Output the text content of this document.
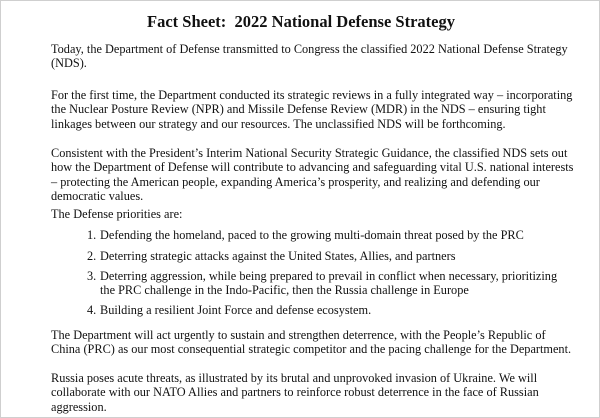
Fact Sheet:  2022 National Defense Strategy

Today, the Department of Defense transmitted to Congress the classified 2022 National Defense Strategy
(NDS).

For the first time, the Department conducted its strategic reviews in a fully integrated way – incorporating
the Nuclear Posture Review (NPR) and Missile Defense Review (MDR) in the NDS – ensuring tight
linkages between our strategy and our resources. The unclassified NDS will be forthcoming.

Consistent with the President’s Interim National Security Strategic Guidance, the classified NDS sets out
how the Department of Defense will contribute to advancing and safeguarding vital U.S. national interests
– protecting the American people, expanding America’s prosperity, and realizing and defending our
democratic values.

The Defense priorities are:

1. Defending the homeland, paced to the growing multi-domain threat posed by the PRC
2. Deterring strategic attacks against the United States, Allies, and partners
3. Deterring aggression, while being prepared to prevail in conflict when necessary, prioritizing
the PRC challenge in the Indo-Pacific, then the Russia challenge in Europe
4. Building a resilient Joint Force and defense ecosystem.

The Department will act urgently to sustain and strengthen deterrence, with the People’s Republic of
China (PRC) as our most consequential strategic competitor and the pacing challenge for the Department.

Russia poses acute threats, as illustrated by its brutal and unprovoked invasion of Ukraine. We will
collaborate with our NATO Allies and partners to reinforce robust deterrence in the face of Russian
aggression.
